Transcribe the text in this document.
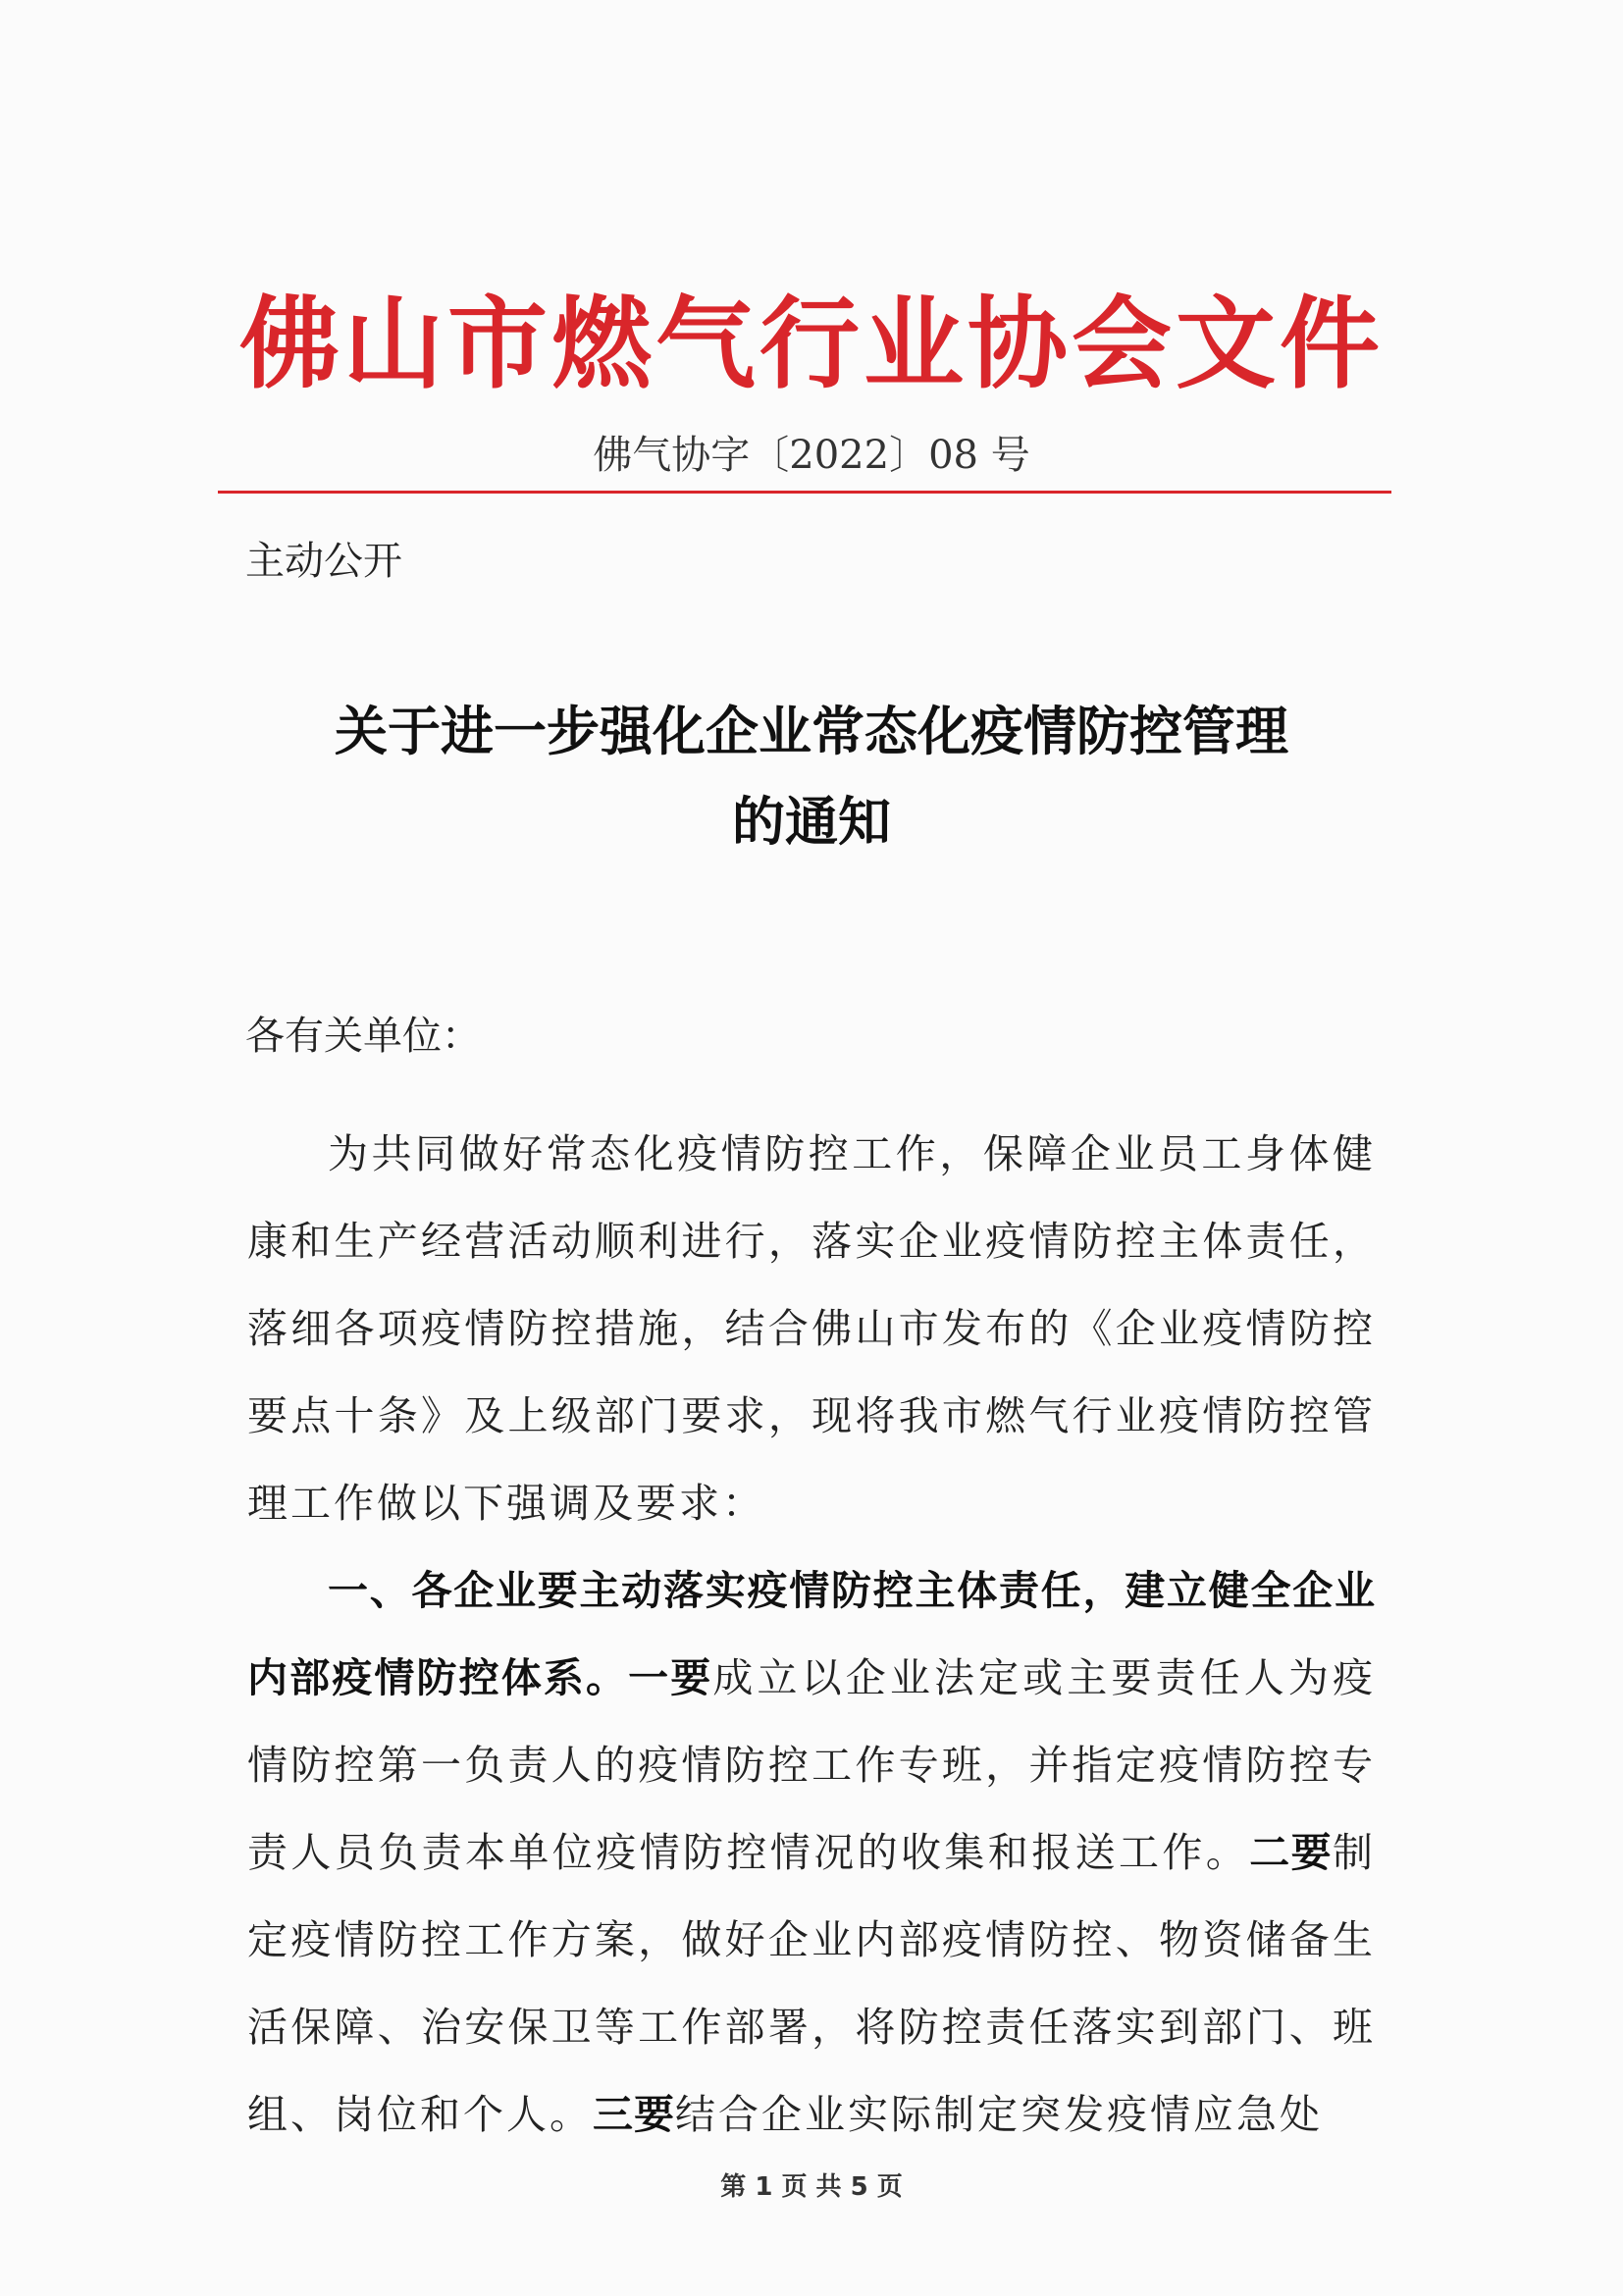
佛山市燃气行业协会文件
佛气协字〔2022〕08 号
主动公开
关于进一步强化企业常态化疫情防控管理
的通知
各有关单位：

为共同做好常态化疫情防控工作，保障企业员工身体健康和生产经营活动顺利进行，落实企业疫情防控主体责任，落细各项疫情防控措施，结合佛山市发布的《企业疫情防控要点十条》及上级部门要求，现将我市燃气行业疫情防控管理工作做以下强调及要求：

一、各企业要主动落实疫情防控主体责任，建立健全企业内部疫情防控体系。一要成立以企业法定或主要责任人为疫情防控第一负责人的疫情防控工作专班，并指定疫情防控专责人员负责本单位疫情防控情况的收集和报送工作。二要制定疫情防控工作方案，做好企业内部疫情防控、物资储备生活保障、治安保卫等工作部署，将防控责任落实到部门、班组、岗位和个人。三要结合企业实际制定突发疫情应急处

第 1 页 共 5 页
